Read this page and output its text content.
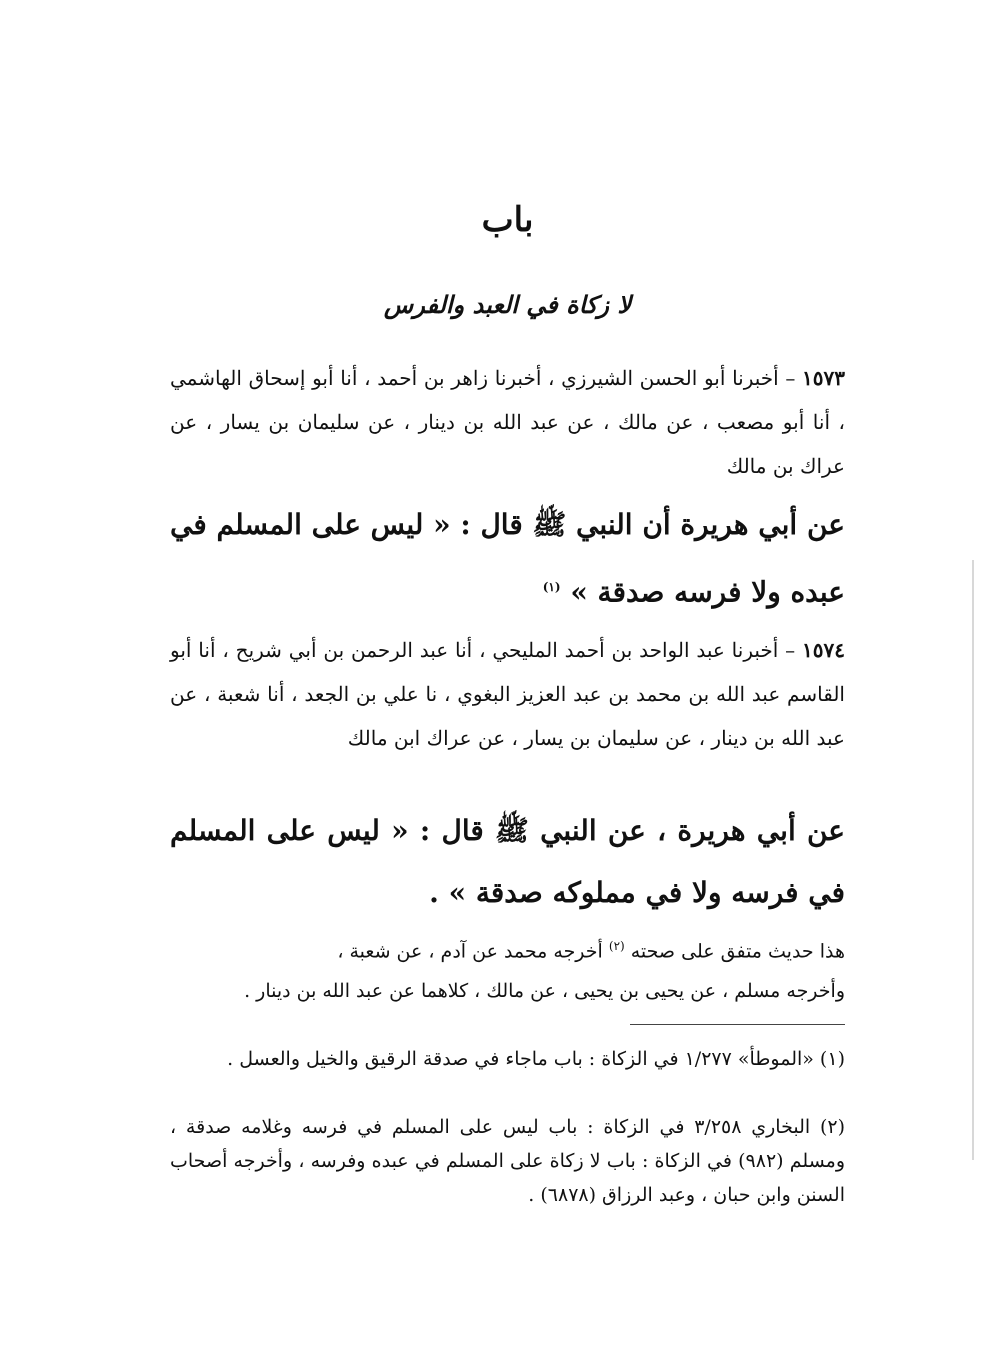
باب
لا زكاة في العبد والفرس
١٥٧٣ – أخبرنا أبو الحسن الشيرزي ، أخبرنا زاهر بن أحمد ، أنا أبو إسحاق الهاشمي ، أنا أبو مصعب ، عن مالك ، عن عبد الله بن دينار ، عن سليمان بن يسار ، عن عراك بن مالك
عن أبي هريرة أن النبي ﷺ قال : « ليس على المسلم في عبده ولا فرسه صدقة » $^{(١)}$
١٥٧٤ – أخبرنا عبد الواحد بن أحمد المليحي ، أنا عبد الرحمن بن أبي شريح ، أنا أبو القاسم عبد الله بن محمد بن عبد العزيز البغوي ، نا علي بن الجعد ، أنا شعبة ، عن عبد الله بن دينار ، عن سليمان بن يسار ، عن عراك ابن مالك
عن أبي هريرة ، عن النبي ﷺ قال : « ليس على المسلم في فرسه ولا في مملوكه صدقة » .
هذا حديث متفق على صحته $^{(٢)}$ أخرجه محمد عن آدم ، عن شعبة ،
وأخرجه مسلم ، عن يحيى بن يحيى ، عن مالك ، كلاهما عن عبد الله بن دينار .
(١) «الموطأ» ١/٢٧٧ في الزكاة : باب ماجاء في صدقة الرقيق والخيل والعسل .
(٢) البخاري ٣/٢٥٨ في الزكاة : باب ليس على المسلم في فرسه وغلامه صدقة ، ومسلم (٩٨٢) في الزكاة : باب لا زكاة على المسلم في عبده وفرسه ، وأخرجه أصحاب السنن وابن حبان ، وعبد الرزاق (٦٨٧٨) .
